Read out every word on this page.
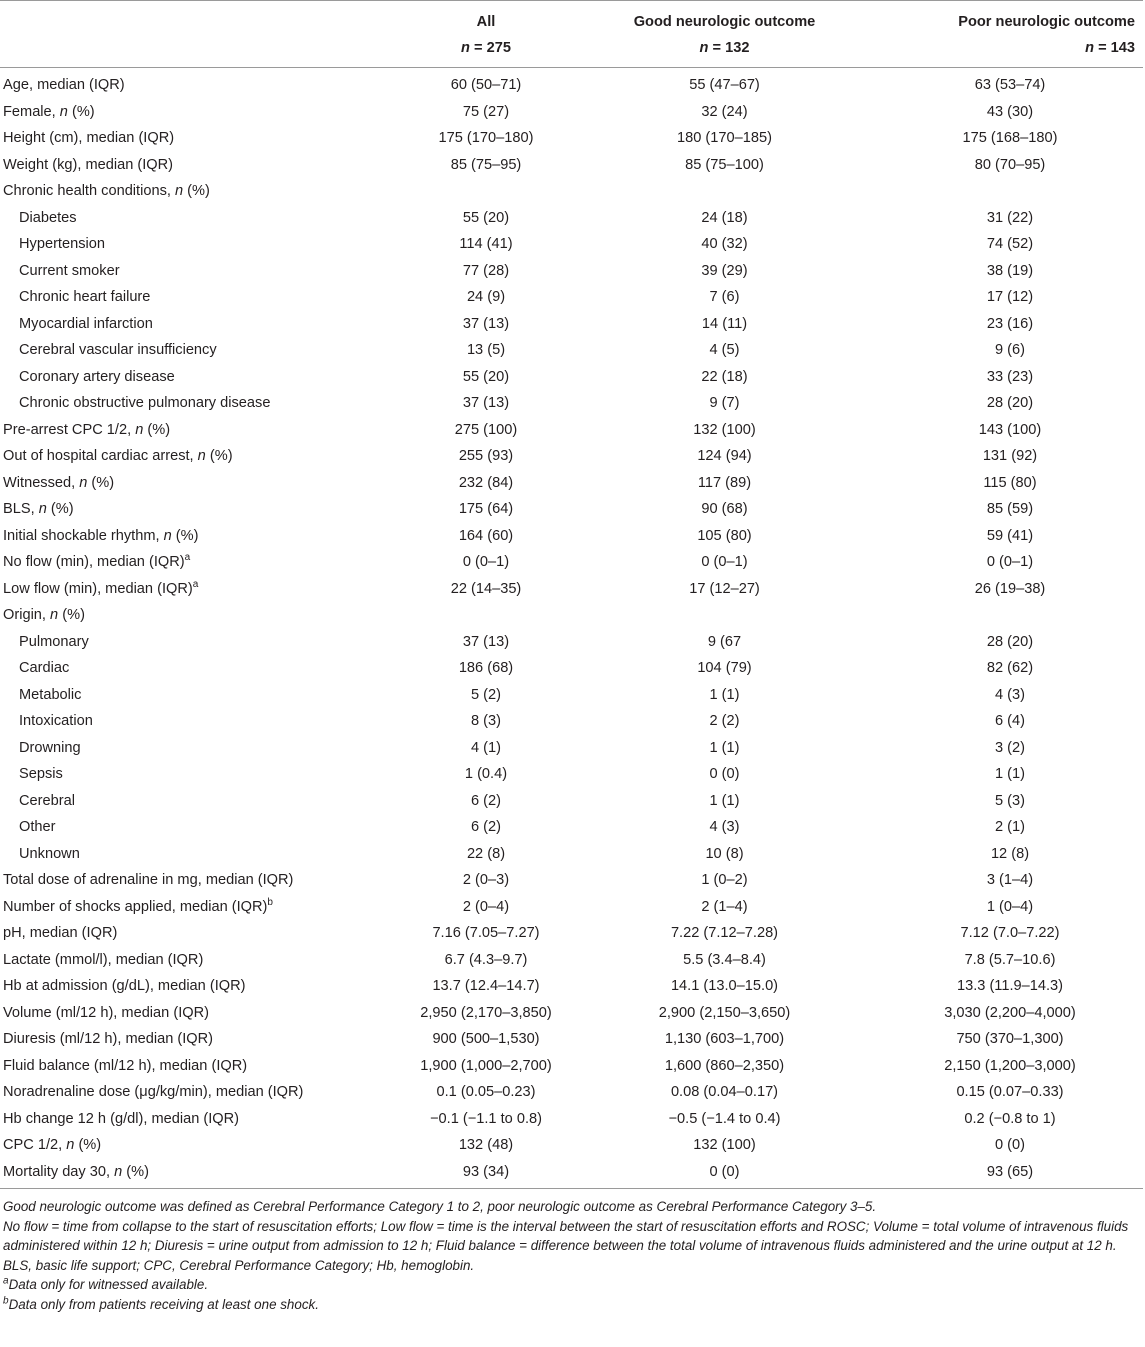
	All	Good neurologic outcome	Poor neurologic outcome
	n = 275	n = 132	n = 143
Age, median (IQR)	60 (50–71)	55 (47–67)	63 (53–74)
Female, n (%)	75 (27)	32 (24)	43 (30)
Height (cm), median (IQR)	175 (170–180)	180 (170–185)	175 (168–180)
Weight (kg), median (IQR)	85 (75–95)	85 (75–100)	80 (70–95)
Chronic health conditions, n (%)			
Diabetes	55 (20)	24 (18)	31 (22)
Hypertension	114 (41)	40 (32)	74 (52)
Current smoker	77 (28)	39 (29)	38 (19)
Chronic heart failure	24 (9)	7 (6)	17 (12)
Myocardial infarction	37 (13)	14 (11)	23 (16)
Cerebral vascular insufficiency	13 (5)	4 (5)	9 (6)
Coronary artery disease	55 (20)	22 (18)	33 (23)
Chronic obstructive pulmonary disease	37 (13)	9 (7)	28 (20)
Pre-arrest CPC 1/2, n (%)	275 (100)	132 (100)	143 (100)
Out of hospital cardiac arrest, n (%)	255 (93)	124 (94)	131 (92)
Witnessed, n (%)	232 (84)	117 (89)	115 (80)
BLS, n (%)	175 (64)	90 (68)	85 (59)
Initial shockable rhythm, n (%)	164 (60)	105 (80)	59 (41)
No flow (min), median (IQR)$^a$	0 (0–1)	0 (0–1)	0 (0–1)
Low flow (min), median (IQR)$^a$	22 (14–35)	17 (12–27)	26 (19–38)
Origin, n (%)			
Pulmonary	37 (13)	9 (67	28 (20)
Cardiac	186 (68)	104 (79)	82 (62)
Metabolic	5 (2)	1 (1)	4 (3)
Intoxication	8 (3)	2 (2)	6 (4)
Drowning	4 (1)	1 (1)	3 (2)
Sepsis	1 (0.4)	0 (0)	1 (1)
Cerebral	6 (2)	1 (1)	5 (3)
Other	6 (2)	4 (3)	2 (1)
Unknown	22 (8)	10 (8)	12 (8)
Total dose of adrenaline in mg, median (IQR)	2 (0–3)	1 (0–2)	3 (1–4)
Number of shocks applied, median (IQR)$^b$	2 (0–4)	2 (1–4)	1 (0–4)
pH, median (IQR)	7.16 (7.05–7.27)	7.22 (7.12–7.28)	7.12 (7.0–7.22)
Lactate (mmol/l), median (IQR)	6.7 (4.3–9.7)	5.5 (3.4–8.4)	7.8 (5.7–10.6)
Hb at admission (g/dL), median (IQR)	13.7 (12.4–14.7)	14.1 (13.0–15.0)	13.3 (11.9–14.3)
Volume (ml/12 h), median (IQR)	2,950 (2,170–3,850)	2,900 (2,150–3,650)	3,030 (2,200–4,000)
Diuresis (ml/12 h), median (IQR)	900 (500–1,530)	1,130 (603–1,700)	750 (370–1,300)
Fluid balance (ml/12 h), median (IQR)	1,900 (1,000–2,700)	1,600 (860–2,350)	2,150 (1,200–3,000)
Noradrenaline dose (μg/kg/min), median (IQR)	0.1 (0.05–0.23)	0.08 (0.04–0.17)	0.15 (0.07–0.33)
Hb change 12 h (g/dl), median (IQR)	−0.1 (−1.1 to 0.8)	−0.5 (−1.4 to 0.4)	0.2 (−0.8 to 1)
CPC 1/2, n (%)	132 (48)	132 (100)	0 (0)
Mortality day 30, n (%)	93 (34)	0 (0)	93 (65)
Good neurologic outcome was defined as Cerebral Performance Category 1 to 2, poor neurologic outcome as Cerebral Performance Category 3–5.
No flow = time from collapse to the start of resuscitation efforts; Low flow = time is the interval between the start of resuscitation efforts and ROSC; Volume = total volume of intravenous fluids administered within 12 h; Diuresis = urine output from admission to 12 h; Fluid balance = difference between the total volume of intravenous fluids administered and the urine output at 12 h.
BLS, basic life support; CPC, Cerebral Performance Category; Hb, hemoglobin.
$^a$Data only for witnessed available.
$^b$Data only from patients receiving at least one shock.
